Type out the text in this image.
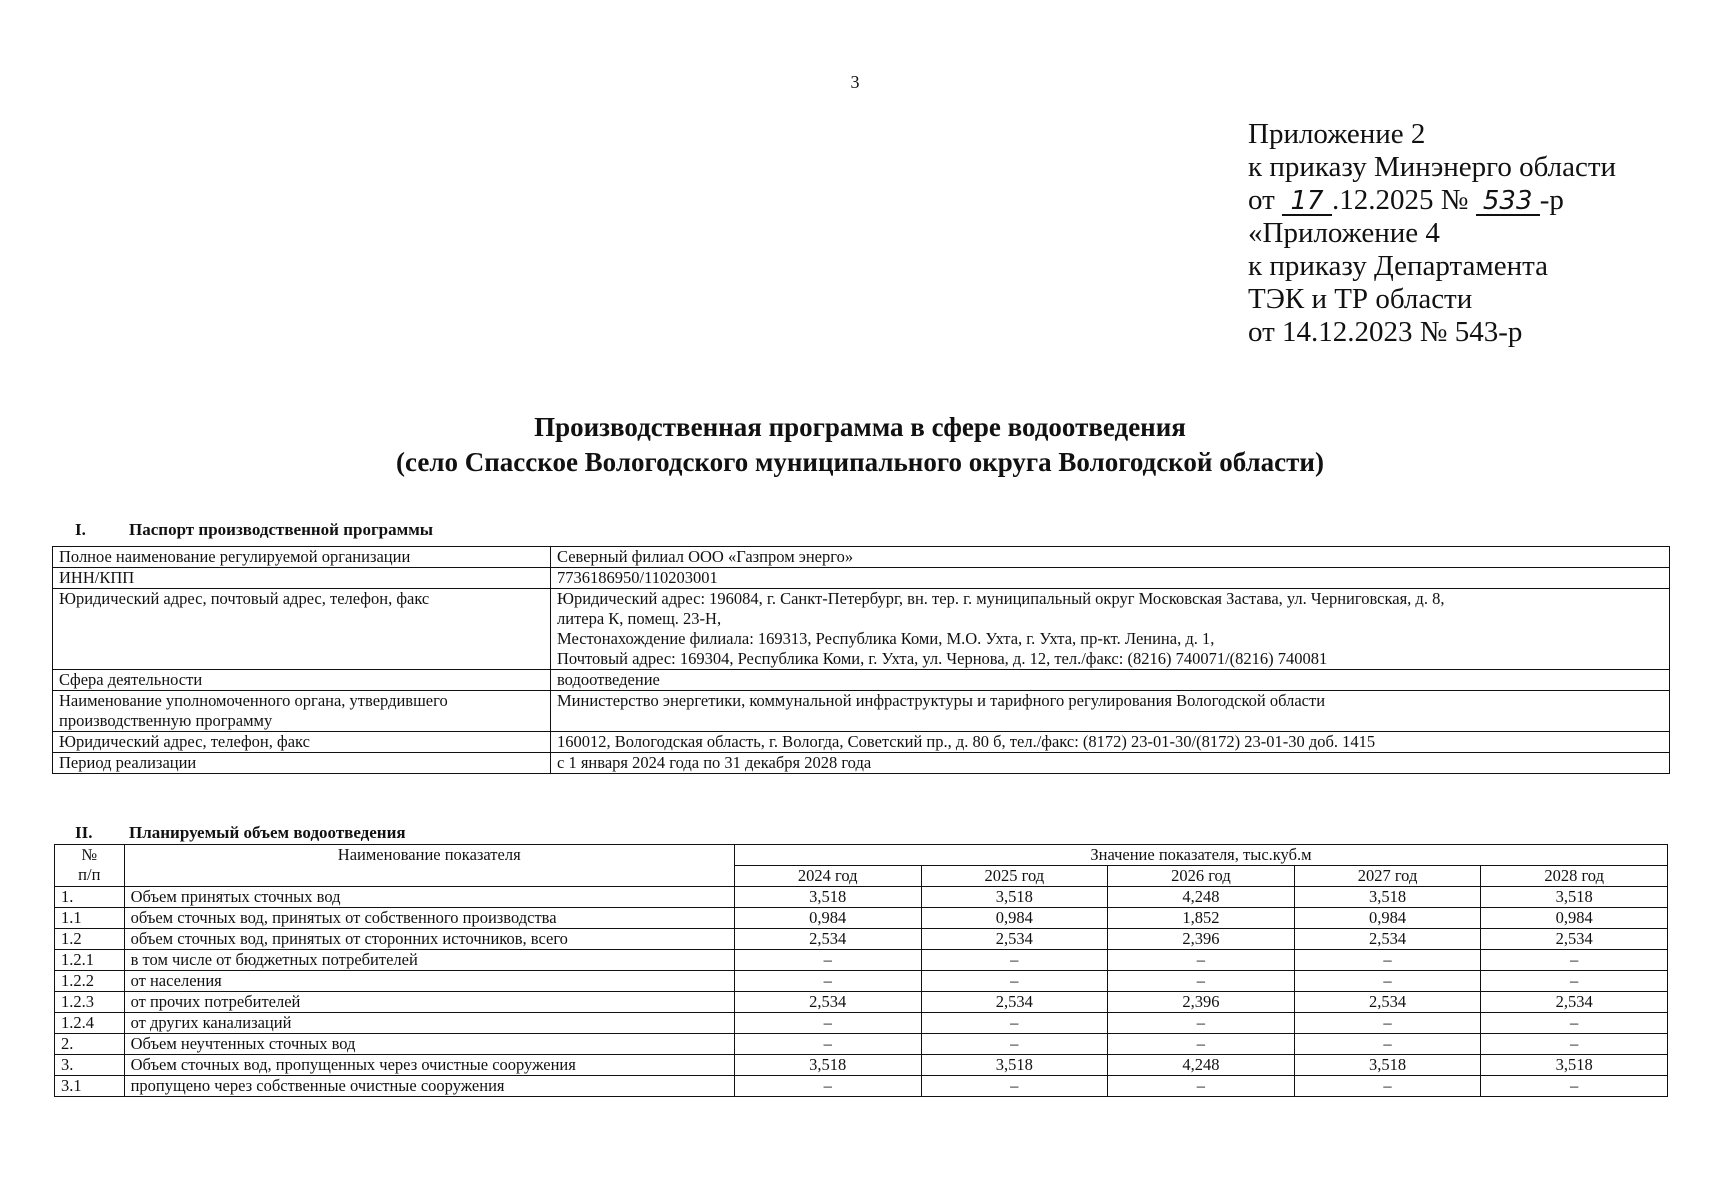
3
Приложение 2
к приказу Минэнерго области
от 17 .12.2025 № 533 -р
«Приложение 4
к приказу Департамента
ТЭК и ТР области
от 14.12.2023 № 543-р
Производственная программа в сфере водоотведения
(село Спасское Вологодского муниципального округа Вологодской области)
I.	Паспорт производственной программы
Полное наименование регулируемой организации	Северный филиал ООО «Газпром энерго»

ИНН/КПП	7736186950/110203001

Юридический адрес, почтовый адрес, телефон, факс	Юридический адрес: 196084, г. Санкт-Петербург, вн. тер. г. муниципальный округ Московская Застава, ул. Черниговская, д. 8,
литера К, помещ. 23-Н,
Местонахождение филиала: 169313, Республика Коми, М.О. Ухта, г. Ухта, пр-кт. Ленина, д. 1,
Почтовый адрес: 169304, Республика Коми, г. Ухта, ул. Чернова, д. 12, тел./факс: (8216) 740071/(8216) 740081

Сфера деятельности	водоотведение

Наименование уполномоченного органа, утвердившего производственную программу	Министерство энергетики, коммунальной инфраструктуры и тарифного регулирования Вологодской области

Юридический адрес, телефон, факс	160012, Вологодская область, г. Вологда, Советский пр., д. 80 б, тел./факс: (8172) 23-01-30/(8172) 23-01-30 доб. 1415

Период реализации	с 1 января 2024 года по 31 декабря 2028 года
II. Планируемый объем водоотведения
№
п/п	Наименование показателя	Значение показателя, тыс.куб.м				
		2024 год	2025 год	2026 год	2027 год	2028 год
1.	Объем принятых сточных вод	3,518	3,518	4,248	3,518	3,518
1.1	объем сточных вод, принятых от собственного производства	0,984	0,984	1,852	0,984	0,984
1.2	объем сточных вод, принятых от сторонних источников, всего	2,534	2,534	2,396	2,534	2,534
1.2.1	в том числе от бюджетных потребителей	–	–	–	–	–
1.2.2	от населения	–	–	–	–	–
1.2.3	от прочих потребителей	2,534	2,534	2,396	2,534	2,534
1.2.4	от других канализаций	–	–	–	–	–
2.	Объем неучтенных сточных вод	–	–	–	–	–
3.	Объем сточных вод, пропущенных через очистные сооружения	3,518	3,518	4,248	3,518	3,518
3.1	пропущено через собственные очистные сооружения	–	–	–	–	–
